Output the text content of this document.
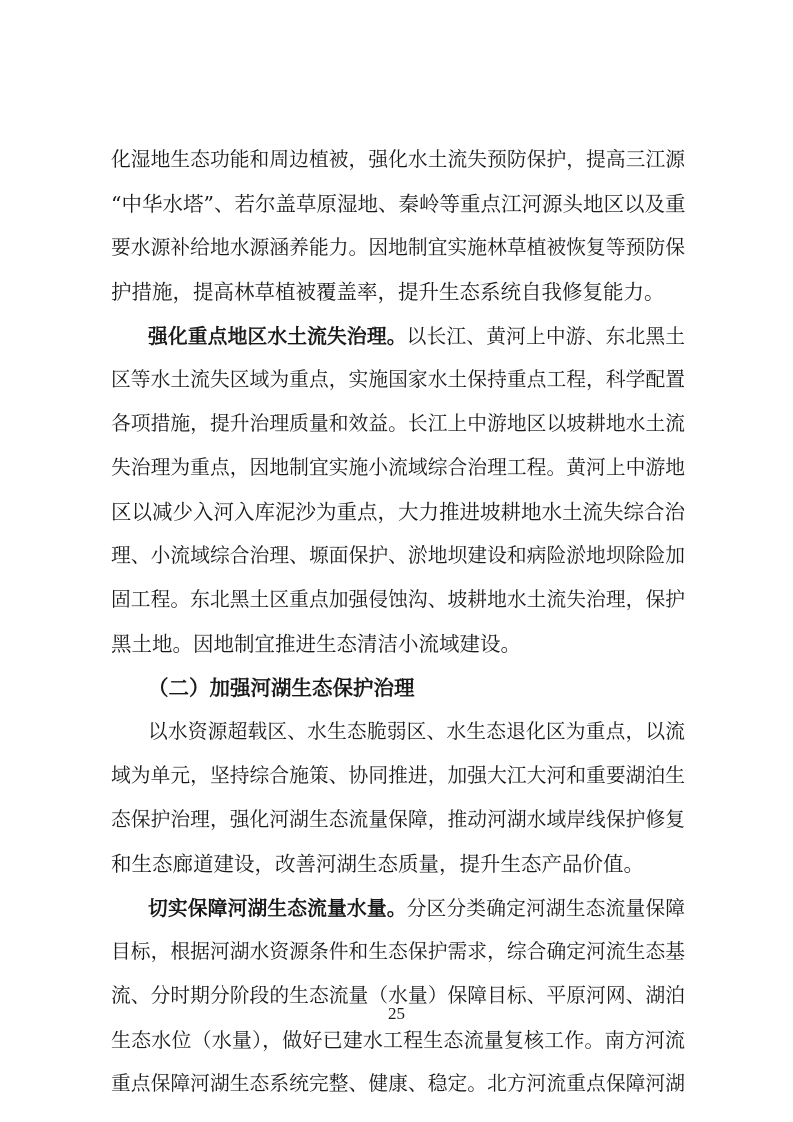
化湿地生态功能和周边植被，强化水土流失预防保护，提高三江源
“中华水塔”、若尔盖草原湿地、秦岭等重点江河源头地区以及重
要水源补给地水源涵养能力。因地制宜实施林草植被恢复等预防保
护措施，提高林草植被覆盖率，提升生态系统自我修复能力。
强化重点地区水土流失治理。以长江、黄河上中游、东北黑土
区等水土流失区域为重点，实施国家水土保持重点工程，科学配置
各项措施，提升治理质量和效益。长江上中游地区以坡耕地水土流
失治理为重点，因地制宜实施小流域综合治理工程。黄河上中游地
区以减少入河入库泥沙为重点，大力推进坡耕地水土流失综合治
理、小流域综合治理、塬面保护、淤地坝建设和病险淤地坝除险加
固工程。东北黑土区重点加强侵蚀沟、坡耕地水土流失治理，保护
黑土地。因地制宜推进生态清洁小流域建设。
（二）加强河湖生态保护治理
以水资源超载区、水生态脆弱区、水生态退化区为重点，以流
域为单元，坚持综合施策、协同推进，加强大江大河和重要湖泊生
态保护治理，强化河湖生态流量保障，推动河湖水域岸线保护修复
和生态廊道建设，改善河湖生态质量，提升生态产品价值。
切实保障河湖生态流量水量。分区分类确定河湖生态流量保障
目标，根据河湖水资源条件和生态保护需求，综合确定河流生态基
流、分时期分阶段的生态流量（水量）保障目标、平原河网、湖泊
生态水位（水量），做好已建水工程生态流量复核工作。南方河流
重点保障河湖生态系统完整、健康、稳定。北方河流重点保障河湖
25
